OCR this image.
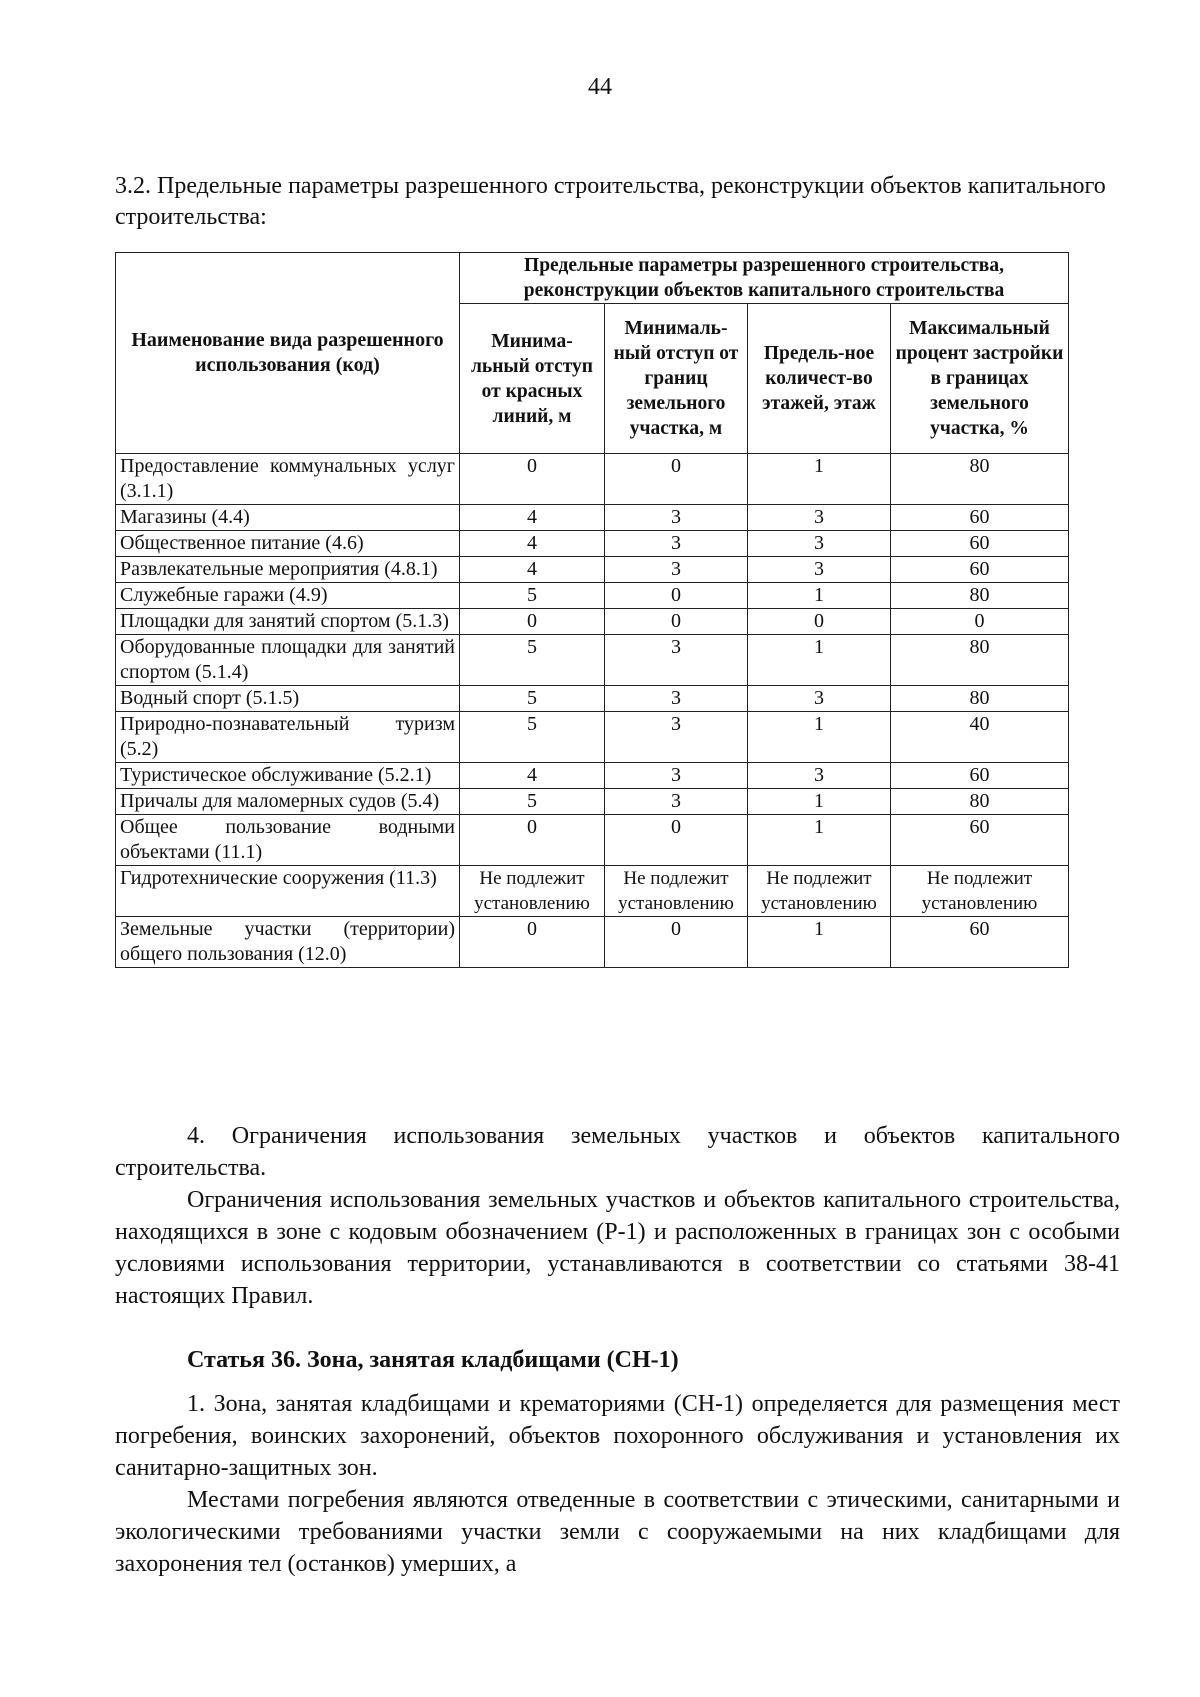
44

3.2. Предельные параметры разрешенного строительства, реконструкции объектов капитального строительства:

Наименование вида разрешенного использования (код)	Предельные параметры разрешенного строительства, реконструкции объектов капитального строительства			
	Минима-льный отступ от красных линий, м	Минималь-ный отступ от границ земельного участка, м	Предель-ное количест-во этажей, этаж	Максимальный процент застройки в границах земельного участка, %
Предоставление коммунальных услуг (3.1.1)	0	0	1	80
Магазины (4.4)	4	3	3	60
Общественное питание (4.6)	4	3	3	60
Развлекательные мероприятия (4.8.1)	4	3	3	60
Служебные гаражи (4.9)	5	0	1	80
Площадки для занятий спортом (5.1.3)	0	0	0	0
Оборудованные площадки для занятий спортом (5.1.4)	5	3	1	80
Водный спорт (5.1.5)	5	3	3	80
Природно-познавательный туризм (5.2)	5	3	1	40
Туристическое обслуживание (5.2.1)	4	3	3	60
Причалы для маломерных судов (5.4)	5	3	1	80
Общее пользование водными объектами (11.1)	0	0	1	60
Гидротехнические сооружения (11.3)	Не подлежит установлению	Не подлежит установлению	Не подлежит установлению	Не подлежит установлению
Земельные участки (территории) общего пользования (12.0)	0	0	1	60

4. Ограничения использования земельных участков и объектов капитального строительства.

Ограничения использования земельных участков и объектов капитального строительства, находящихся в зоне с кодовым обозначением (Р-1) и расположенных в границах зон с особыми условиями использования территории, устанавливаются в соответствии со статьями 38-41 настоящих Правил.

Статья 36. Зона, занятая кладбищами (СН-1)

1. Зона, занятая кладбищами и крематориями (СН-1) определяется для размещения мест погребения, воинских захоронений, объектов похоронного обслуживания и установления их санитарно-защитных зон.

Местами погребения являются отведенные в соответствии с этическими, санитарными и экологическими требованиями участки земли с сооружаемыми на них кладбищами для захоронения тел (останков) умерших, а
